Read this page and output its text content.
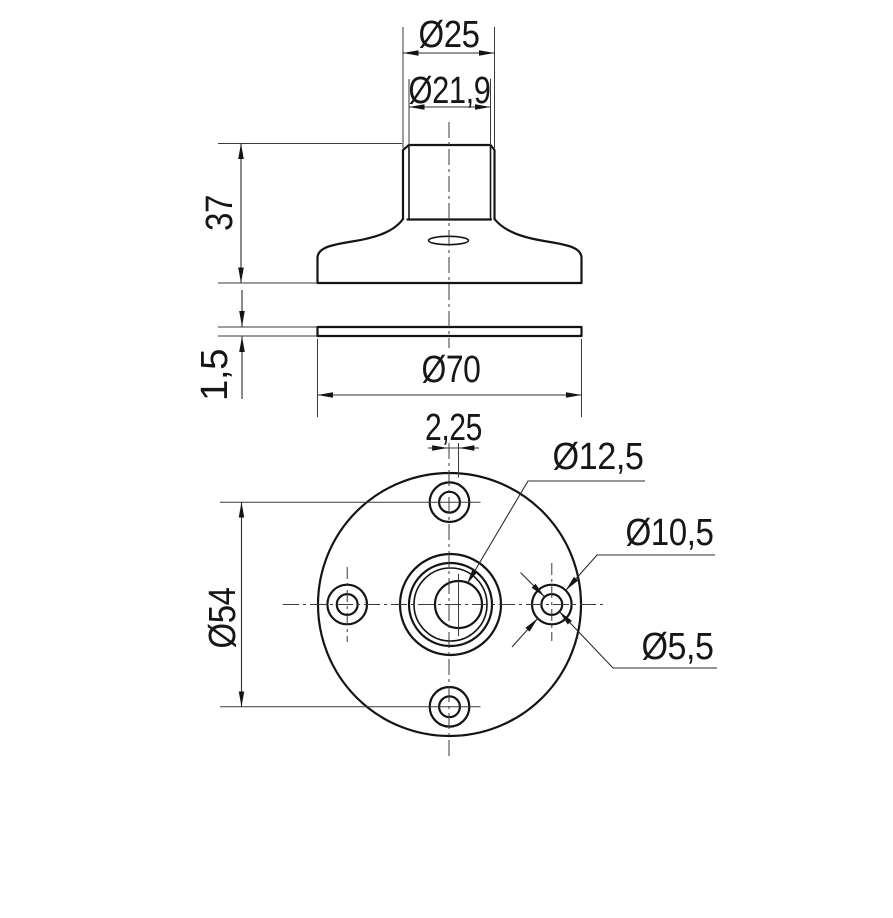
Ø25
Ø21,9
37
1,5	Ø70
Ø54
2,25
Ø12,5
Ø10,5
Ø5,5
